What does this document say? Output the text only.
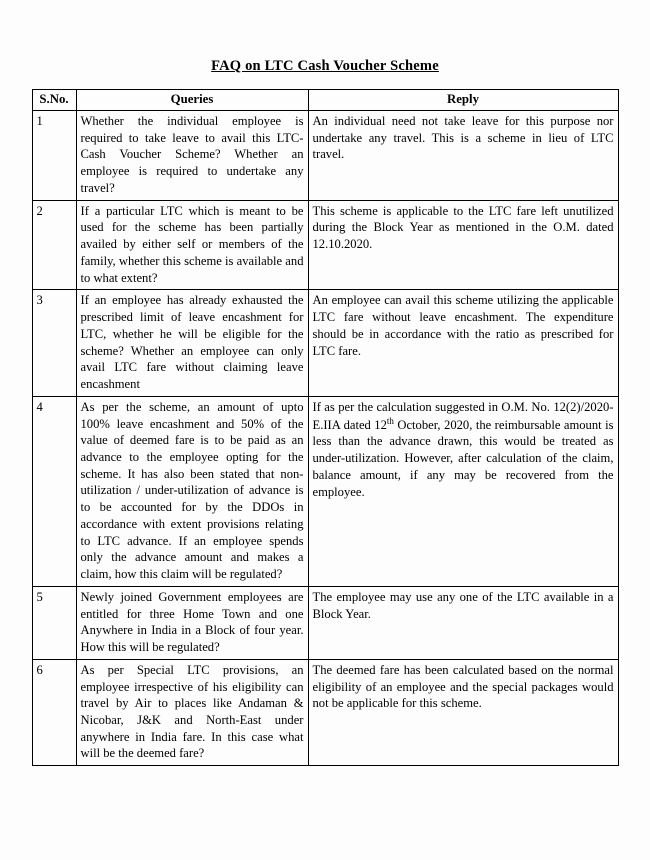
FAQ on LTC Cash Voucher Scheme
S.No.	Queries	Reply
1	Whether the individual employee is required to take leave to avail this LTC- Cash Voucher Scheme? Whether an employee is required to undertake any travel?	An individual need not take leave for this purpose nor undertake any travel. This is a scheme in lieu of LTC travel.
2	If a particular LTC which is meant to be used for the scheme has been partially availed by either self or members of the family, whether this scheme is available and to what extent?	This scheme is applicable to the LTC fare left unutilized during the Block Year as mentioned in the O.M. dated 12.10.2020.
3	If an employee has already exhausted the prescribed limit of leave encashment for LTC, whether he will be eligible for the scheme? Whether an employee can only avail LTC fare without claiming leave encashment	An employee can avail this scheme utilizing the applicable LTC fare without leave encashment. The expenditure should be in accordance with the ratio as prescribed for LTC fare.
4	As per the scheme, an amount of upto 100% leave encashment and 50% of the value of deemed fare is to be paid as an advance to the employee opting for the scheme. It has also been stated that non-utilization / under-utilization of advance is to be accounted for by the DDOs in accordance with extent provisions relating to LTC advance. If an employee spends only the advance amount and makes a claim, how this claim will be regulated?	If as per the calculation suggested in O.M. No. 12(2)/2020-E.IIA dated 12th October, 2020, the reimbursable amount is less than the advance drawn, this would be treated as under-utilization. However, after calculation of the claim, balance amount, if any may be recovered from the employee.
5	Newly joined Government employees are entitled for three Home Town and one Anywhere in India in a Block of four year. How this will be regulated?	The employee may use any one of the LTC available in a Block Year.
6	As per Special LTC provisions, an employee irrespective of his eligibility can travel by Air to places like Andaman & Nicobar, J&K and North-East under anywhere in India fare. In this case what will be the deemed fare?	The deemed fare has been calculated based on the normal eligibility of an employee and the special packages would not be applicable for this scheme.
